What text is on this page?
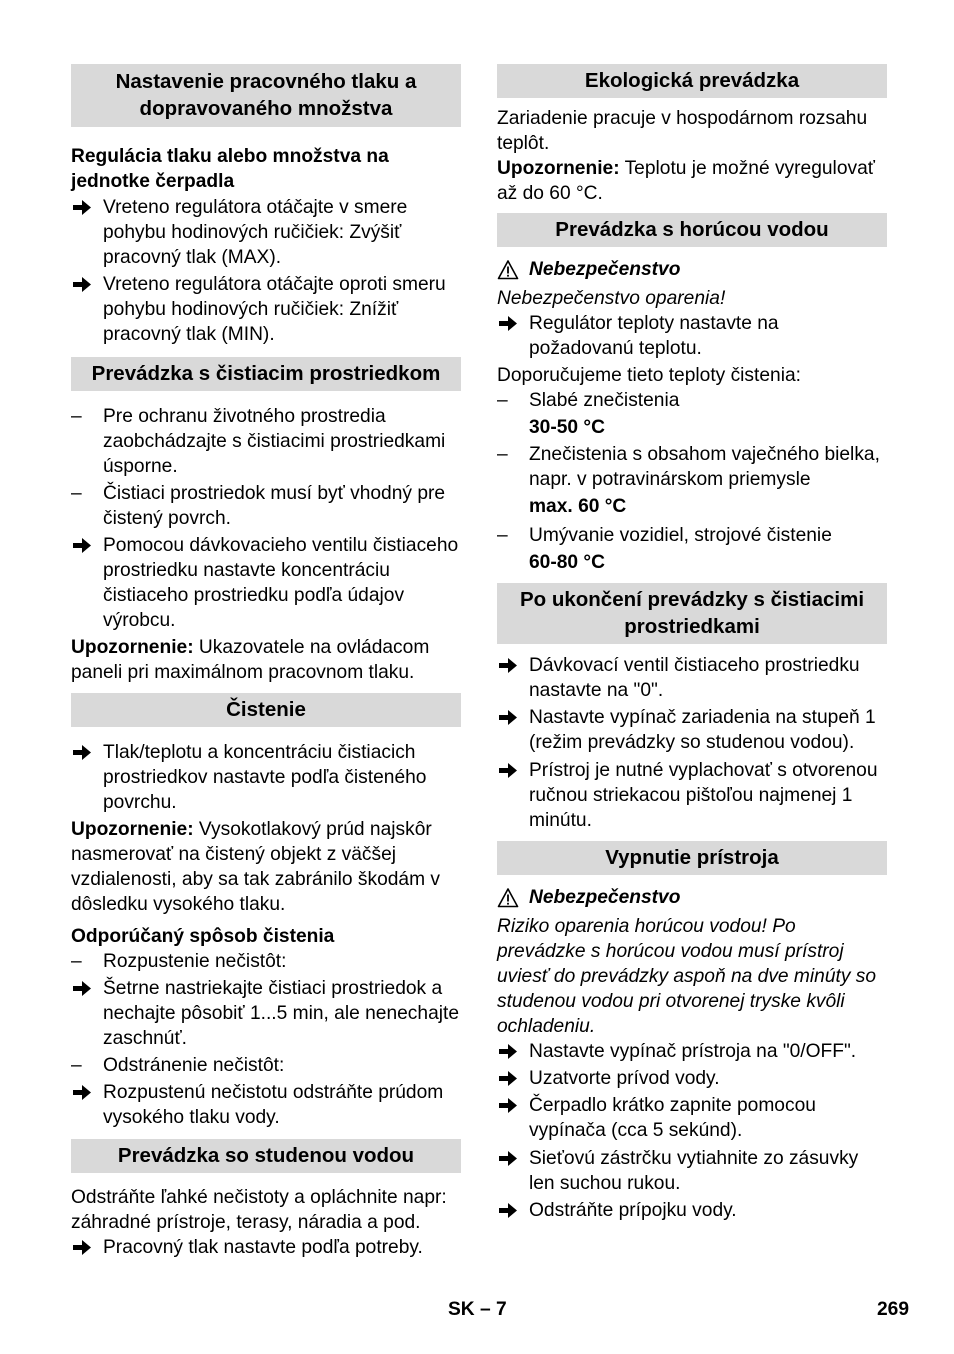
Nastavenie pracovného tlaku a dopravovaného množstva

Regulácia tlaku alebo množstva na jednotke čerpadla

Vreteno regulátora otáčajte v smere pohybu hodinových ručičiek: Zvýšiť pracovný tlak (MAX).
Vreteno regulátora otáčajte oproti smeru pohybu hodinových ručičiek: Znížiť pracovný tlak (MIN).
Prevádzka s čistiacim prostriedkom
–	Pre ochranu životného prostredia zaobchádzajte s čistiacimi prostriedkami úsporne.
–	Čistiaci prostriedok musí byť vhodný pre čistený povrch.
Pomocou dávkovacieho ventilu čistiaceho prostriedku nastavte koncentráciu čistiaceho prostriedku podľa údajov výrobcu.

Upozornenie: Ukazovatele na ovládacom paneli pri maximálnom pracovnom tlaku.

Čistenie
Tlak/teplotu a koncentráciu čistiacich prostriedkov nastavte podľa čisteného povrchu.

Upozornenie: Vysokotlakový prúd najskôr nasmerovať na čistený objekt z väčšej vzdialenosti, aby sa tak zabránilo škodám v dôsledku vysokého tlaku.

Odporúčaný spôsob čistenia

–	Rozpustenie nečistôt:
Šetrne nastriekajte čistiaci prostriedok a nechajte pôsobiť 1...5 min, ale nenechajte zaschnúť.
–	Odstránenie nečistôt:
Rozpustenú nečistotu odstráňte prúdom vysokého tlaku vody.
Prevádzka so studenou vodou

Odstráňte ľahké nečistoty a opláchnite napr: záhradné prístroje, terasy, náradia a pod.

Pracovný tlak nastavte podľa potreby.
Ekologická prevádzka

Zariadenie pracuje v hospodárnom rozsahu teplôt.

Upozornenie: Teplotu je možné vyregulovať až do 60 °C.

Prevádzka s horúcou vodou

Nebezpečenstvo

Nebezpečenstvo oparenia!

Regulátor teploty nastavte na požadovanú teplotu.

Doporučujeme tieto teploty čistenia:

–	Slabé znečistenia
30-50 °C
–	Znečistenia s obsahom vaječného bielka, napr. v potravinárskom priemysle
max. 60 °C
–	Umývanie vozidiel, strojové čistenie
60-80 °C
Po ukončení prevádzky s čistiacimi prostriedkami
Dávkovací ventil čistiaceho prostriedku nastavte na "0".
Nastavte vypínač zariadenia na stupeň 1 (režim prevádzky so studenou vodou).
Prístroj je nutné vyplachovať s otvorenou ručnou striekacou pištoľou najmenej 1 minútu.
Vypnutie prístroja

Nebezpečenstvo

Riziko oparenia horúcou vodou! Po prevádzke s horúcou vodou musí prístroj uviesť do prevádzky aspoň na dve minúty so studenou vodou pri otvorenej tryske kvôli ochladeniu.

Nastavte vypínač prístroja na "0/OFF".
Uzatvorte prívod vody.
Čerpadlo krátko zapnite pomocou vypínača (cca 5 sekúnd).
Sieťovú zástrčku vytiahnite zo zásuvky len suchou rukou.
Odstráňte prípojku vody.
SK – 7	269
